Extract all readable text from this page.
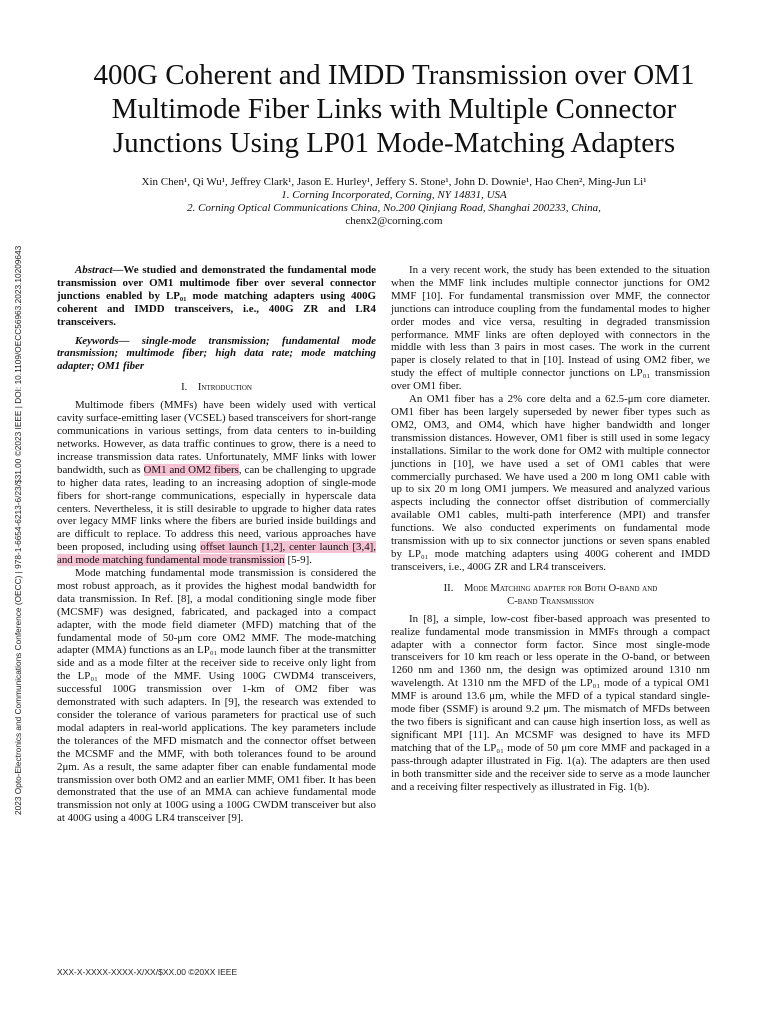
2023 Opto-Electronics and Communications Conference (OECC) | 978-1-6654-6213-6/23/$31.00 ©2023 IEEE | DOI: 10.1109/OECC56963.2023.10209643
400G Coherent and IMDD Transmission over OM1
Multimode Fiber Links with Multiple Connector
Junctions Using LP01 Mode-Matching Adapters
Xin Chen¹, Qi Wu¹, Jeffrey Clark¹, Jason E. Hurley¹, Jeffery S. Stone¹, John D. Downie¹, Hao Chen², Ming-Jun Li¹
1. Corning Incorporated, Corning, NY 14831, USA
2. Corning Optical Communications China, No.200 Qinjiang Road, Shanghai 200233, China,
chenx2@corning.com

Abstract—We studied and demonstrated the fundamental mode transmission over OM1 multimode fiber over several connector junctions enabled by LP₀₁ mode matching adapters using 400G coherent and IMDD transceivers, i.e., 400G ZR and LR4 transceivers.

Keywords— single-mode transmission; fundamental mode transmission; multimode fiber; high data rate; mode matching adapter; OM1 fiber

I. Introduction

Multimode fibers (MMFs) have been widely used with vertical cavity surface-emitting laser (VCSEL) based transceivers for short-range communications in various settings, from data centers to in-building networks. However, as data traffic continues to grow, there is a need to increase transmission data rates. Unfortunately, MMF links with lower bandwidth, such as OM1 and OM2 fibers, can be challenging to upgrade to higher data rates, leading to an increasing adoption of single-mode fibers for short-range communications, especially in hyperscale data centers. Nevertheless, it is still desirable to upgrade to higher data rates over legacy MMF links where the fibers are buried inside buildings and are difficult to replace. To address this need, various approaches have been proposed, including using offset launch [1,2], center launch [3,4], and mode matching fundamental mode transmission [5-9].

Mode matching fundamental mode transmission is considered the most robust approach, as it provides the highest modal bandwidth for data transmission. In Ref. [8], a modal conditioning single mode fiber (MCSMF) was designed, fabricated, and packaged into a compact adapter, with the mode field diameter (MFD) matching that of the fundamental mode of 50-μm core OM2 MMF. The mode-matching adapter (MMA) functions as an LP₀₁ mode launch fiber at the transmitter side and as a mode filter at the receiver side to receive only light from the LP₀₁ mode of the MMF. Using 100G CWDM4 transceivers, successful 100G transmission over 1-km of OM2 fiber was demonstrated with such adapters. In [9], the research was extended to consider the tolerance of various parameters for practical use of such modal adapters in real-world applications. The key parameters include the tolerances of the MFD mismatch and the connector offset between the MCSMF and the MMF, with both tolerances found to be around 2μm. As a result, the same adapter fiber can enable fundamental mode transmission over both OM2 and an earlier MMF, OM1 fiber. It has been demonstrated that the use of an MMA can achieve fundamental mode transmission not only at 100G using a 100G CWDM transceiver but also at 400G using a 400G LR4 transceiver [9].

In a very recent work, the study has been extended to the situation when the MMF link includes multiple connector junctions for OM2 MMF [10]. For fundamental transmission over MMF, the connector junctions can introduce coupling from the fundamental modes to higher order modes and vice versa, resulting in degraded transmission performance. MMF links are often deployed with connectors in the middle with less than 3 pairs in most cases. The work in the current paper is closely related to that in [10]. Instead of using OM2 fiber, we study the effect of multiple connector junctions on LP₀₁ transmission over OM1 fiber.

An OM1 fiber has a 2% core delta and a 62.5-μm core diameter. OM1 fiber has been largely superseded by newer fiber types such as OM2, OM3, and OM4, which have higher bandwidth and longer transmission distances. However, OM1 fiber is still used in some legacy installations. Similar to the work done for OM2 with multiple connector junctions in [10], we have used a set of OM1 cables that were commercially purchased. We have used a 200 m long OM1 cable with up to six 20 m long OM1 jumpers. We measured and analyzed various aspects including the connector offset distribution of commercially available OM1 cables, multi-path interference (MPI) and transfer functions. We also conducted experiments on fundamental mode transmission with up to six connector junctions or seven spans enabled by LP₀₁ mode matching adapters using 400G coherent and IMDD transceivers, i.e., 400G ZR and LR4 transceivers.

II. Mode Matching adapter for Both O-band and
C-band Transmission

In [8], a simple, low-cost fiber-based approach was presented to realize fundamental mode transmission in MMFs through a compact adapter with a connector form factor. Since most single-mode transceivers for 10 km reach or less operate in the O-band, or between 1260 nm and 1360 nm, the design was optimized around 1310 nm wavelength. At 1310 nm the MFD of the LP₀₁ mode of a typical OM1 MMF is around 13.6 μm, while the MFD of a typical standard single-mode fiber (SSMF) is around 9.2 μm. The mismatch of MFDs between the two fibers is significant and can cause high insertion loss, as well as significant MPI [11]. An MCSMF was designed to have its MFD matching that of the LP₀₁ mode of 50 μm core MMF and packaged in a pass-through adapter illustrated in Fig. 1(a). The adapters are then used in both transmitter side and the receiver side to serve as a mode launcher and a receiving filter respectively as illustrated in Fig. 1(b).

XXX-X-XXXX-XXXX-X/XX/$XX.00 ©20XX IEEE
